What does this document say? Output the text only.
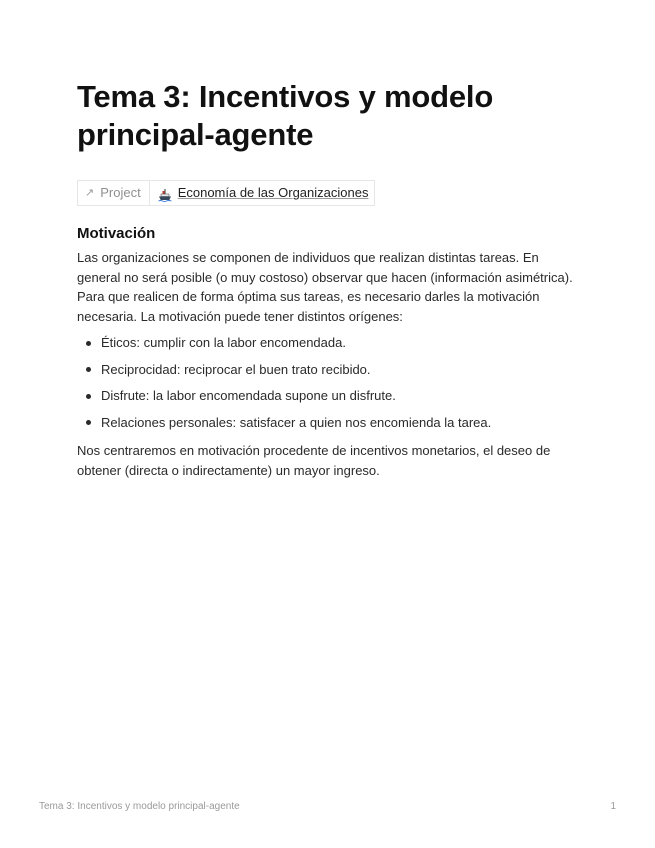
Tema 3: Incentivos y modelo principal-agente
↗ Project	Economía de las Organizaciones
Motivación

Las organizaciones se componen de individuos que realizan distintas tareas. En general no será posible (o muy costoso) observar que hacen (información asimétrica). Para que realicen de forma óptima sus tareas, es necesario darles la motivación necesaria. La motivación puede tener distintos orígenes:

Éticos: cumplir con la labor encomendada.
Reciprocidad: reciprocar el buen trato recibido.
Disfrute: la labor encomendada supone un disfrute.
Relaciones personales: satisfacer a quien nos encomienda la tarea.

Nos centraremos en motivación procedente de incentivos monetarios, el deseo de obtener (directa o indirectamente) un mayor ingreso.

Tema 3: Incentivos y modelo principal-agente	1
